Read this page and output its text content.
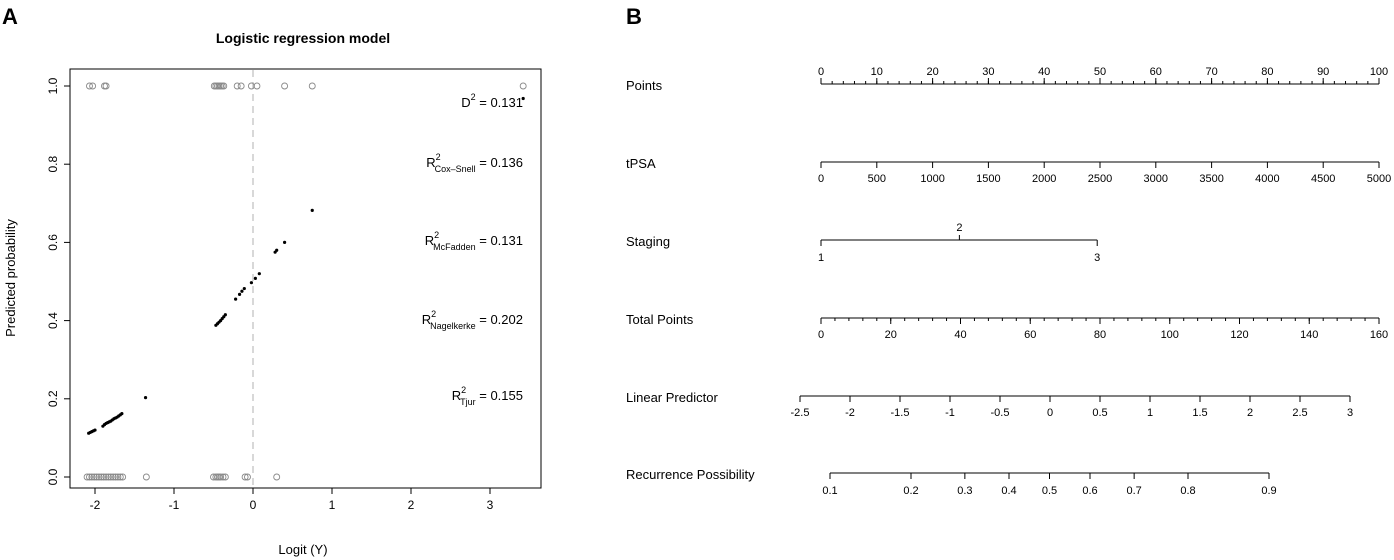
A	B
Logistic regression model
Logit (Y)
Predicted probability
-2	-1	0	1	2	3
0.0
0.2
0.4
0.6
0.8
1.0
$D^2 = 0.131$
$R^2$ Cox–Snell = 0.136
$R^2$ McFadden = 0.131
$R^2$ Nagelkerke = 0.202
$R^2$ Tjur = 0.155
Points
0	10	20	30	40	50	60	70	80	90	100
tPSA
0	500	1000	1500	2000	2500	3000	3500	4000	4500	5000
Staging
1
2
3
Total Points
0	20	40	60	80	100	120	140	160
Linear Predictor
-2.5	-2	-1.5	-1	-0.5	0	0.5	1	1.5	2	2.5	3
Recurrence Possibility
0.1	0.2	0.3	0.4 0.5 0.6	0.7	0.8	0.9
